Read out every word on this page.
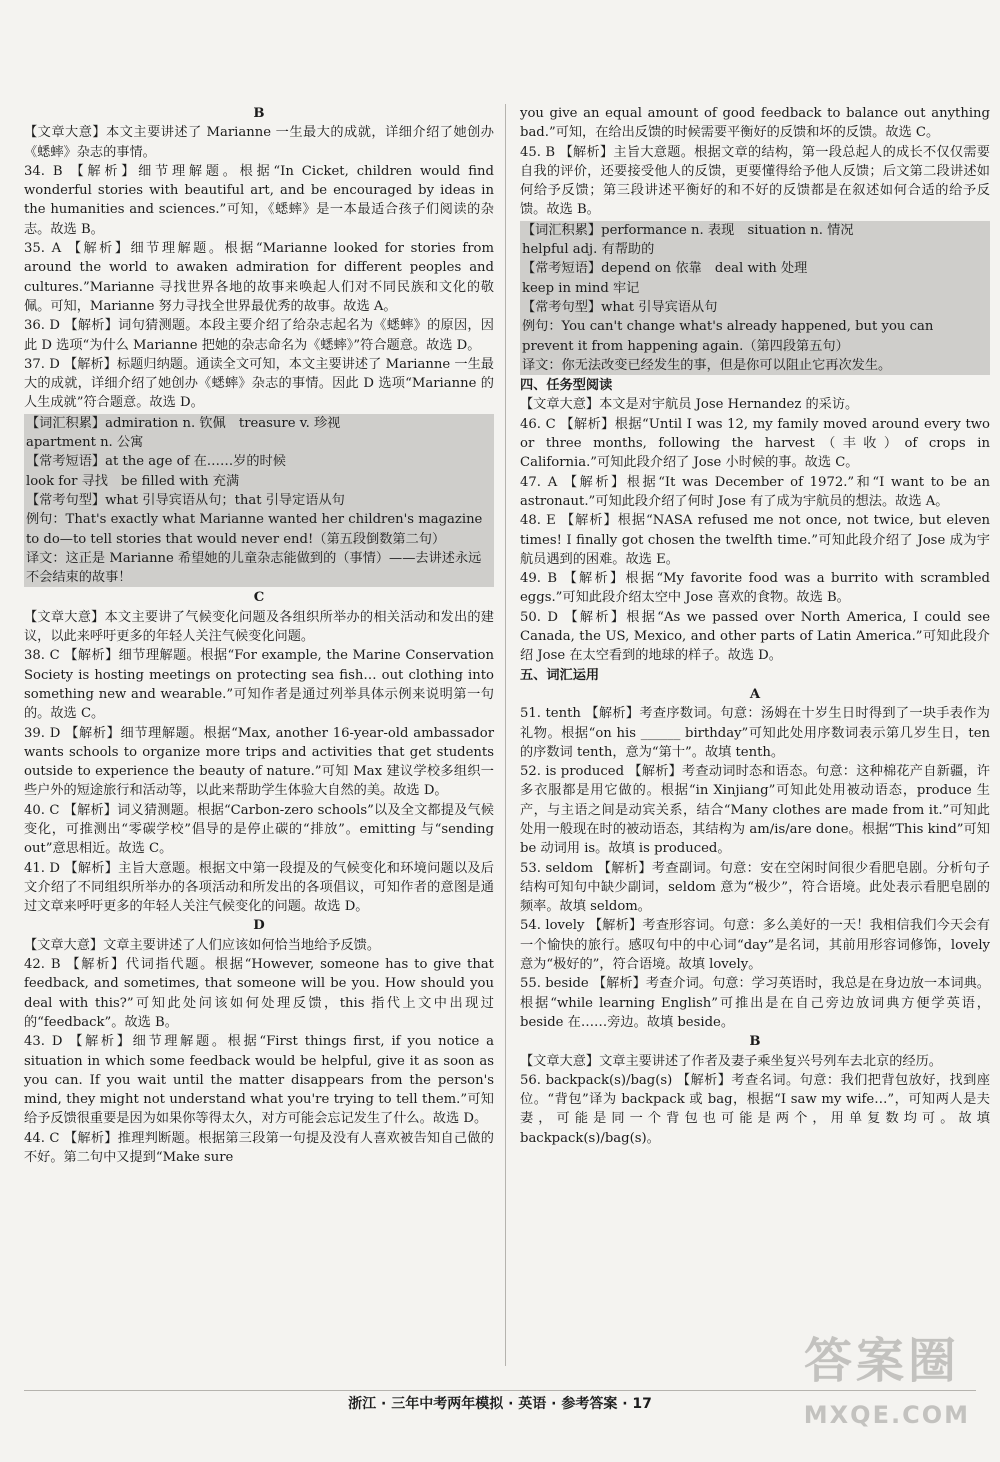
B

【文章大意】本文主要讲述了 Marianne 一生最大的成就，详细介绍了她创办《蟋蟀》杂志的事情。

34. B 【解析】细节理解题。根据“In Cicket, children would find wonderful stories with beautiful art, and be encouraged by ideas in the humanities and sciences.”可知，《蟋蟀》是一本最适合孩子们阅读的杂志。故选 B。

35. A 【解析】细节理解题。根据“Marianne looked for stories from around the world to awaken admiration for different peoples and cultures.”Marianne 寻找世界各地的故事来唤起人们对不同民族和文化的敬佩。可知，Marianne 努力寻找全世界最优秀的故事。故选 A。

36. D 【解析】词句猜测题。本段主要介绍了给杂志起名为《蟋蟀》的原因，因此 D 选项“为什么 Marianne 把她的杂志命名为《蟋蟀》”符合题意。故选 D。

37. D 【解析】标题归纳题。通读全文可知，本文主要讲述了 Marianne 一生最大的成就，详细介绍了她创办《蟋蟀》杂志的事情。因此 D 选项“Marianne 的人生成就”符合题意。故选 D。

【词汇积累】admiration n. 钦佩　treasure v. 珍视

apartment n. 公寓

【常考短语】at the age of 在……岁的时候

look for 寻找　be filled with 充满

【常考句型】what 引导宾语从句；that 引导定语从句

例句：That's exactly what Marianne wanted her children's magazine to do—to tell stories that would never end!（第五段倒数第二句）

译文：这正是 Marianne 希望她的儿童杂志能做到的（事情）——去讲述永远不会结束的故事！

C

【文章大意】本文主要讲了气候变化问题及各组织所举办的相关活动和发出的建议，以此来呼吁更多的年轻人关注气候变化问题。

38. C 【解析】细节理解题。根据“For example, the Marine Conservation Society is hosting meetings on protecting sea fish… out clothing into something new and wearable.”可知作者是通过列举具体示例来说明第一句的。故选 C。

39. D 【解析】细节理解题。根据“Max, another 16-year-old ambassador wants schools to organize more trips and activities that get students outside to experience the beauty of nature.”可知 Max 建议学校多组织一些户外的短途旅行和活动等，以此来帮助学生体验大自然的美。故选 D。

40. C 【解析】词义猜测题。根据“Carbon-zero schools”以及全文都提及气候变化，可推测出“零碳学校”倡导的是停止碳的“排放”。emitting 与“sending out”意思相近。故选 C。

41. D 【解析】主旨大意题。根据文中第一段提及的气候变化和环境问题以及后文介绍了不同组织所举办的各项活动和所发出的各项倡议，可知作者的意图是通过文章来呼吁更多的年轻人关注气候变化的问题。故选 D。

D

【文章大意】文章主要讲述了人们应该如何恰当地给予反馈。

42. B 【解析】代词指代题。根据“However, someone has to give that feedback, and sometimes, that someone will be you. How should you deal with this?”可知此处问该如何处理反馈，this 指代上文中出现过的“feedback”。故选 B。

43. D 【解析】细节理解题。根据“First things first, if you notice a situation in which some feedback would be helpful, give it as soon as you can. If you wait until the matter disappears from the person's mind, they might not understand what you're trying to tell them.”可知给予反馈很重要是因为如果你等得太久，对方可能会忘记发生了什么。故选 D。

44. C 【解析】推理判断题。根据第三段第一句提及没有人喜欢被告知自己做的不好。第二句中又提到“Make sure

you give an equal amount of good feedback to balance out anything bad.”可知，在给出反馈的时候需要平衡好的反馈和坏的反馈。故选 C。

45. B 【解析】主旨大意题。根据文章的结构，第一段总起人的成长不仅仅需要自我的评价，还要接受他人的反馈，更要懂得给予他人反馈；后文第二段讲述如何给予反馈；第三段讲述平衡好的和不好的反馈都是在叙述如何合适的给予反馈。故选 B。

【词汇积累】performance n. 表现　situation n. 情况

helpful adj. 有帮助的

【常考短语】depend on 依靠　deal with 处理

keep in mind 牢记

【常考句型】what 引导宾语从句

例句：You can't change what's already happened, but you can prevent it from happening again.（第四段第五句）

译文：你无法改变已经发生的事，但是你可以阻止它再次发生。

四、任务型阅读

【文章大意】本文是对宇航员 Jose Hernandez 的采访。

46. C 【解析】根据“Until I was 12, my family moved around every two or three months, following the harvest（丰收）of crops in California.”可知此段介绍了 Jose 小时候的事。故选 C。

47. A 【解析】根据“It was December of 1972.”和“I want to be an astronaut.”可知此段介绍了何时 Jose 有了成为宇航员的想法。故选 A。

48. E 【解析】根据“NASA refused me not once, not twice, but eleven times! I finally got chosen the twelfth time.”可知此段介绍了 Jose 成为宇航员遇到的困难。故选 E。

49. B 【解析】根据“My favorite food was a burrito with scrambled eggs.”可知此段介绍太空中 Jose 喜欢的食物。故选 B。

50. D 【解析】根据“As we passed over North America, I could see Canada, the US, Mexico, and other parts of Latin America.”可知此段介绍 Jose 在太空看到的地球的样子。故选 D。

五、词汇运用

A

51. tenth 【解析】考查序数词。句意：汤姆在十岁生日时得到了一块手表作为礼物。根据“on his ______ birthday”可知此处用序数词表示第几岁生日，ten 的序数词 tenth，意为“第十”。故填 tenth。

52. is produced 【解析】考查动词时态和语态。句意：这种棉花产自新疆，许多衣服都是用它做的。根据“in Xinjiang”可知此处用被动语态，produce 生产，与主语之间是动宾关系，结合“Many clothes are made from it.”可知此处用一般现在时的被动语态，其结构为 am/is/are done。根据“This kind”可知 be 动词用 is。故填 is produced。

53. seldom 【解析】考查副词。句意：安在空闲时间很少看肥皂剧。分析句子结构可知句中缺少副词，seldom 意为“极少”，符合语境。此处表示看肥皂剧的频率。故填 seldom。

54. lovely 【解析】考查形容词。句意：多么美好的一天！我相信我们今天会有一个愉快的旅行。感叹句中的中心词“day”是名词，其前用形容词修饰，lovely 意为“极好的”，符合语境。故填 lovely。

55. beside 【解析】考查介词。句意：学习英语时，我总是在身边放一本词典。根据“while learning English”可推出是在自己旁边放词典方便学英语，beside 在……旁边。故填 beside。

B

【文章大意】文章主要讲述了作者及妻子乘坐复兴号列车去北京的经历。

56. backpack(s)/bag(s) 【解析】考查名词。句意：我们把背包放好，找到座位。“背包”译为 backpack 或 bag，根据“I saw my wife…”，可知两人是夫妻，可能是同一个背包也可能是两个，用单复数均可。故填 backpack(s)/bag(s)。

浙江 · 三年中考两年模拟 · 英语 · 参考答案 · 17
答案圈
MXQE.COM
